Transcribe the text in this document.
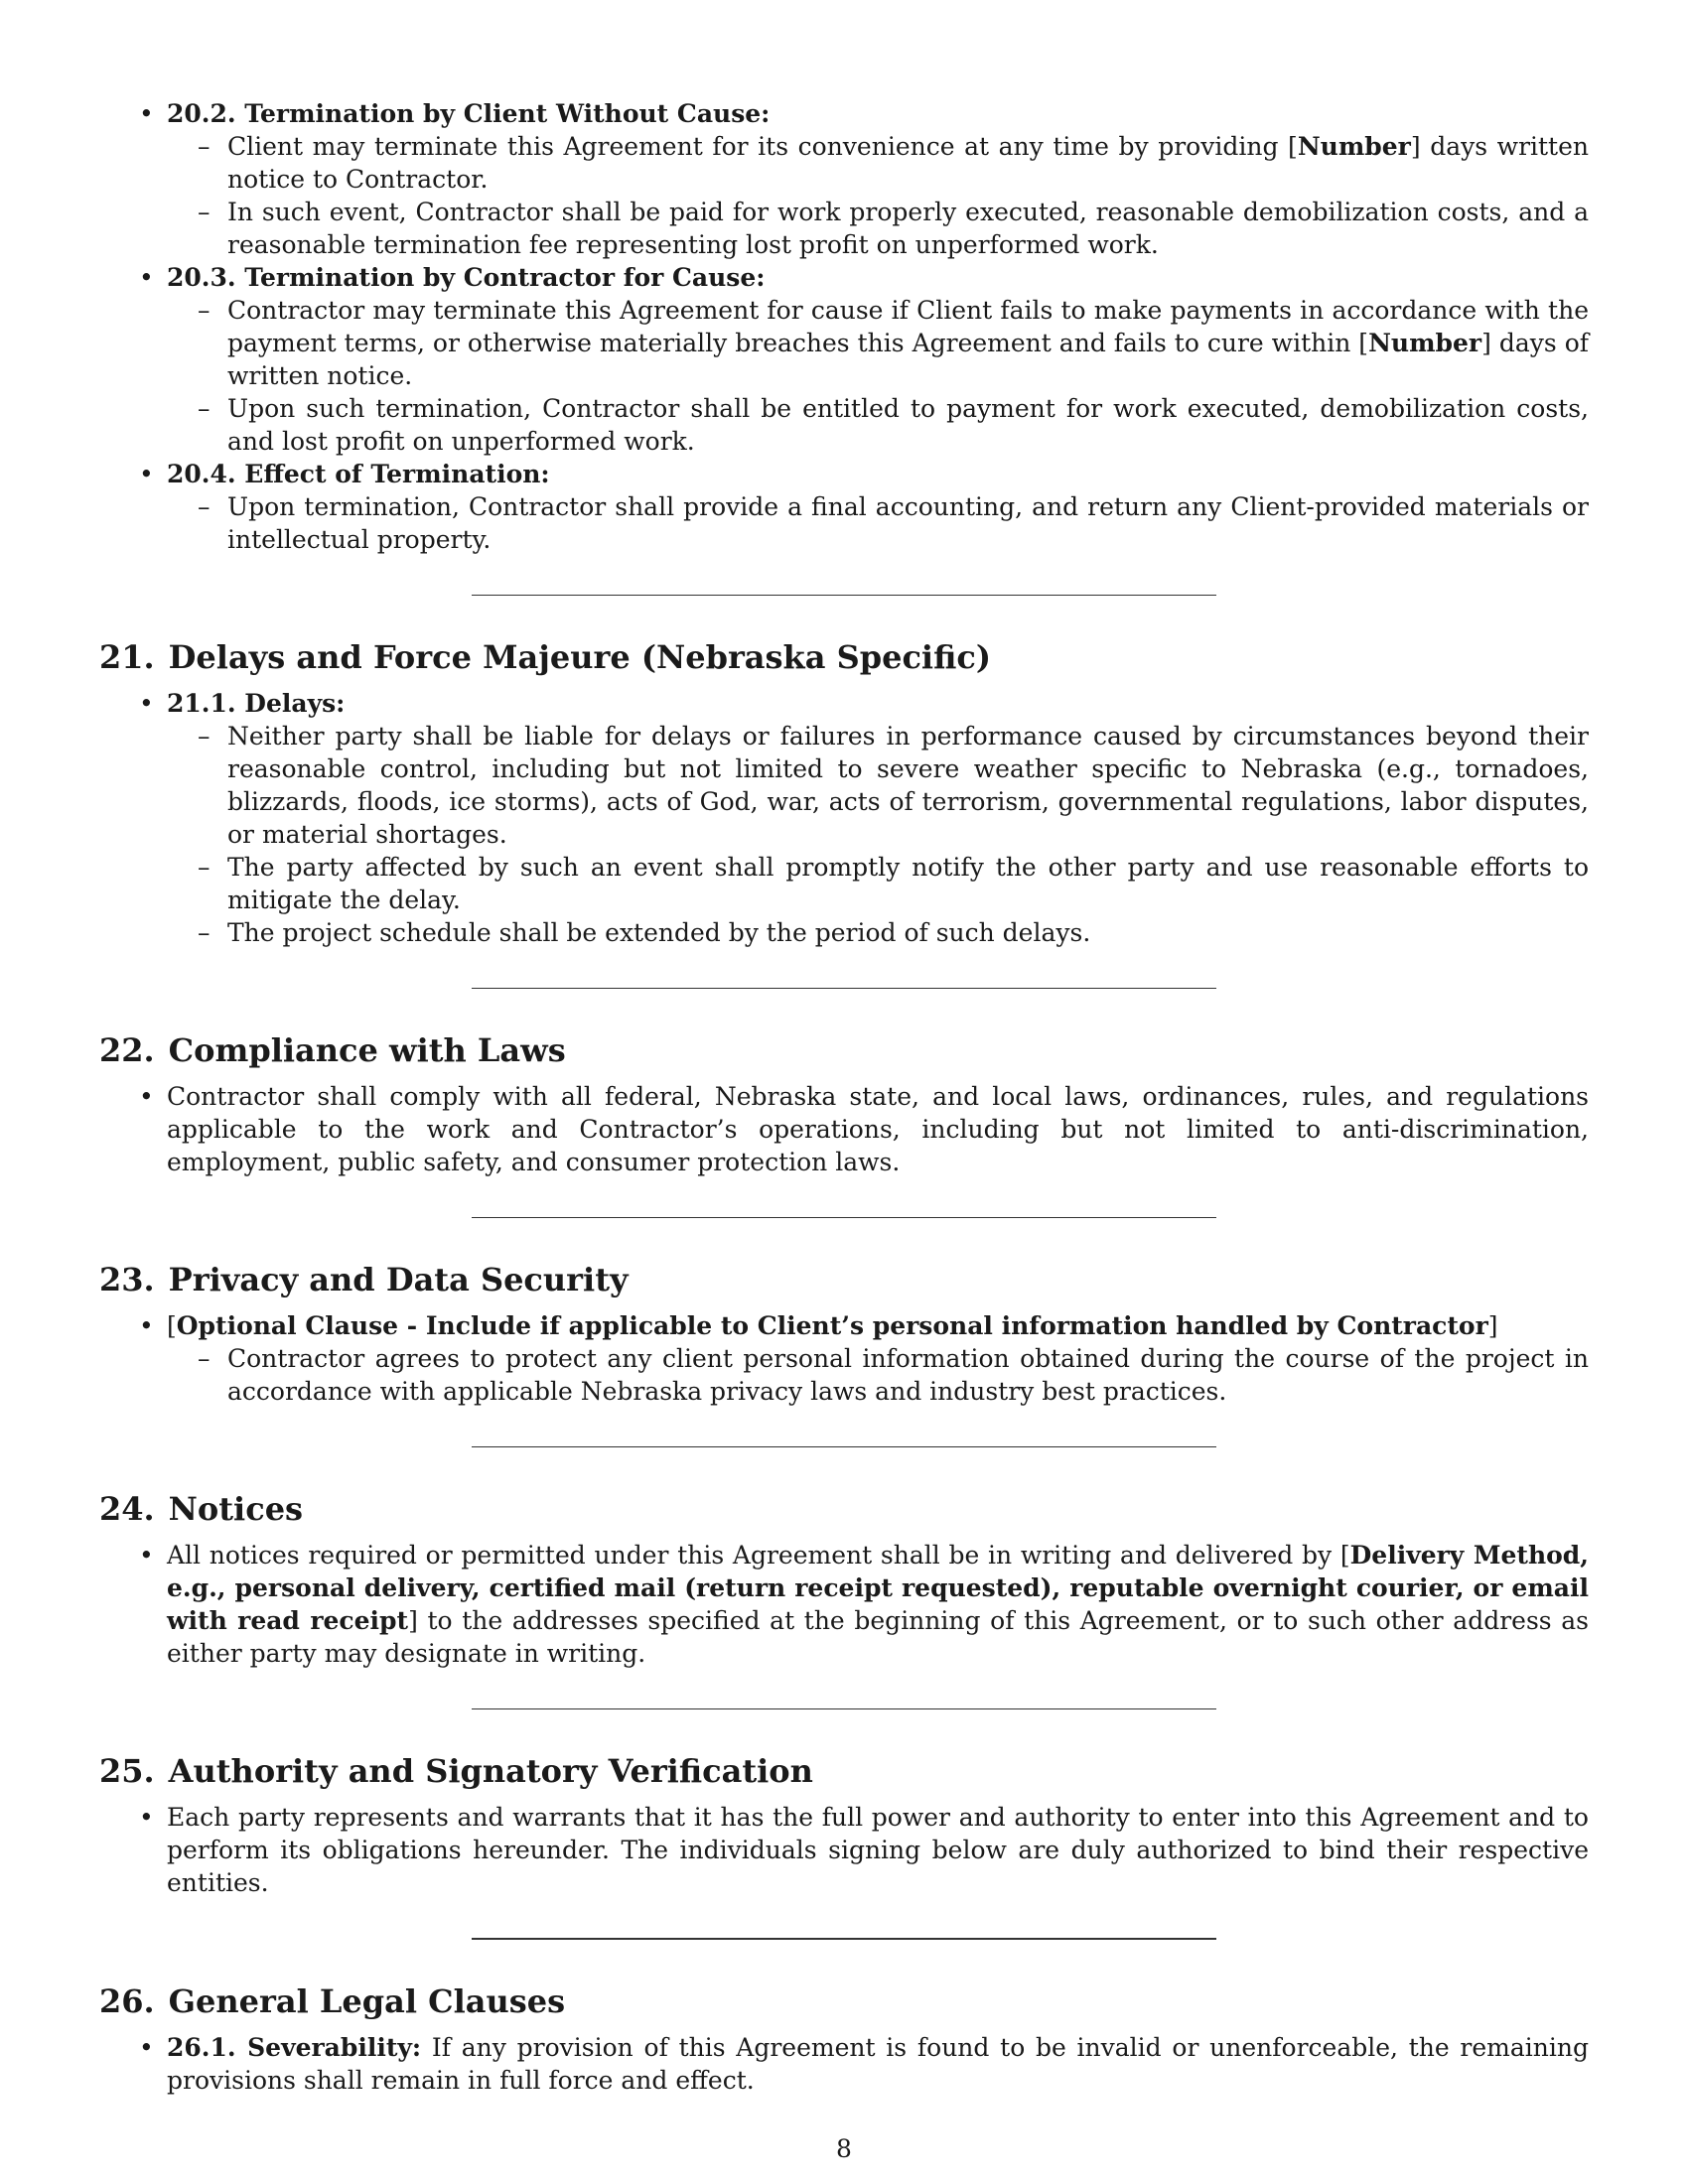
• 20.2. Termination by Client Without Cause:
– Client may terminate this Agreement for its convenience at any time by providing [Number] days written notice to Contractor.
– In such event, Contractor shall be paid for work properly executed, reasonable demobilization costs, and a reasonable termination fee representing lost profit on unperformed work.
• 20.3. Termination by Contractor for Cause:
– Contractor may terminate this Agreement for cause if Client fails to make payments in accordance with the payment terms, or otherwise materially breaches this Agreement and fails to cure within [Number] days of written notice.
– Upon such termination, Contractor shall be entitled to payment for work executed, demobilization costs, and lost profit on unperformed work.
• 20.4. Effect of Termination:
– Upon termination, Contractor shall provide a final accounting, and return any Client-provided materials or intellectual property.
21. Delays and Force Majeure (Nebraska Specific)
• 21.1. Delays:
– Neither party shall be liable for delays or failures in performance caused by circumstances beyond their reasonable control, including but not limited to severe weather specific to Nebraska (e.g., tornadoes, blizzards, floods, ice storms), acts of God, war, acts of terrorism, governmental regulations, labor disputes, or material shortages.
– The party affected by such an event shall promptly notify the other party and use reasonable efforts to mitigate the delay.
– The project schedule shall be extended by the period of such delays.
22. Compliance with Laws
• Contractor shall comply with all federal, Nebraska state, and local laws, ordinances, rules, and regulations applicable to the work and Contractor’s operations, including but not limited to anti-discrimination, employment, public safety, and consumer protection laws.
23. Privacy and Data Security
• [Optional Clause - Include if applicable to Client’s personal information handled by Contractor]
– Contractor agrees to protect any client personal information obtained during the course of the project in accordance with applicable Nebraska privacy laws and industry best practices.
24. Notices
• All notices required or permitted under this Agreement shall be in writing and delivered by [Delivery Method, e.g., personal delivery, certified mail (return receipt requested), reputable overnight courier, or email with read receipt] to the addresses specified at the beginning of this Agreement, or to such other address as either party may designate in writing.
25. Authority and Signatory Verification
• Each party represents and warrants that it has the full power and authority to enter into this Agreement and to perform its obligations hereunder. The individuals signing below are duly authorized to bind their respective entities.
26. General Legal Clauses
• 26.1. Severability: If any provision of this Agreement is found to be invalid or unenforceable, the remaining provisions shall remain in full force and effect.
8
